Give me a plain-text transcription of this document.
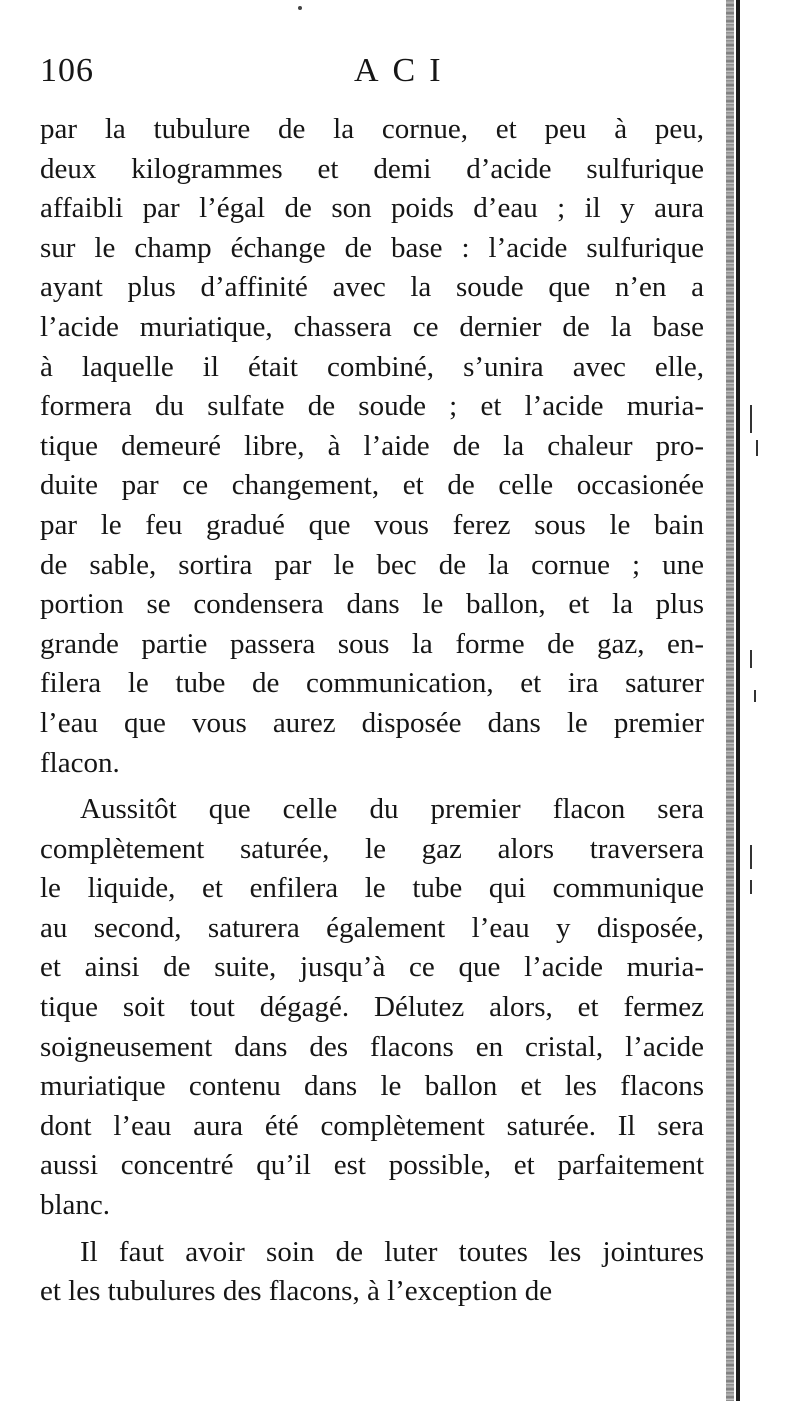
106	ACI
par la tubulure de la cornue, et peu à peu,
deux kilogrammes et demi d’acide sulfurique
affaibli par l’égal de son poids d’eau ; il y aura
sur le champ échange de base : l’acide sulfurique
ayant plus d’affinité avec la soude que n’en a
l’acide muriatique, chassera ce dernier de la base
à laquelle il était combiné, s’unira avec elle,
formera du sulfate de soude ; et l’acide muria-
tique demeuré libre, à l’aide de la chaleur pro-
duite par ce changement, et de celle occasionée
par le feu gradué que vous ferez sous le bain
de sable, sortira par le bec de la cornue ; une
portion se condensera dans le ballon, et la plus
grande partie passera sous la forme de gaz, en-
filera le tube de communication, et ira saturer
l’eau que vous aurez disposée dans le premier
flacon.
Aussitôt que celle du premier flacon sera
complètement saturée, le gaz alors traversera
le liquide, et enfilera le tube qui communique
au second, saturera également l’eau y disposée,
et ainsi de suite, jusqu’à ce que l’acide muria-
tique soit tout dégagé. Délutez alors, et fermez
soigneusement dans des flacons en cristal, l’acide
muriatique contenu dans le ballon et les flacons
dont l’eau aura été complètement saturée. Il sera
aussi concentré qu’il est possible, et parfaitement
blanc.
Il faut avoir soin de luter toutes les jointures
et les tubulures des flacons, à l’exception de
